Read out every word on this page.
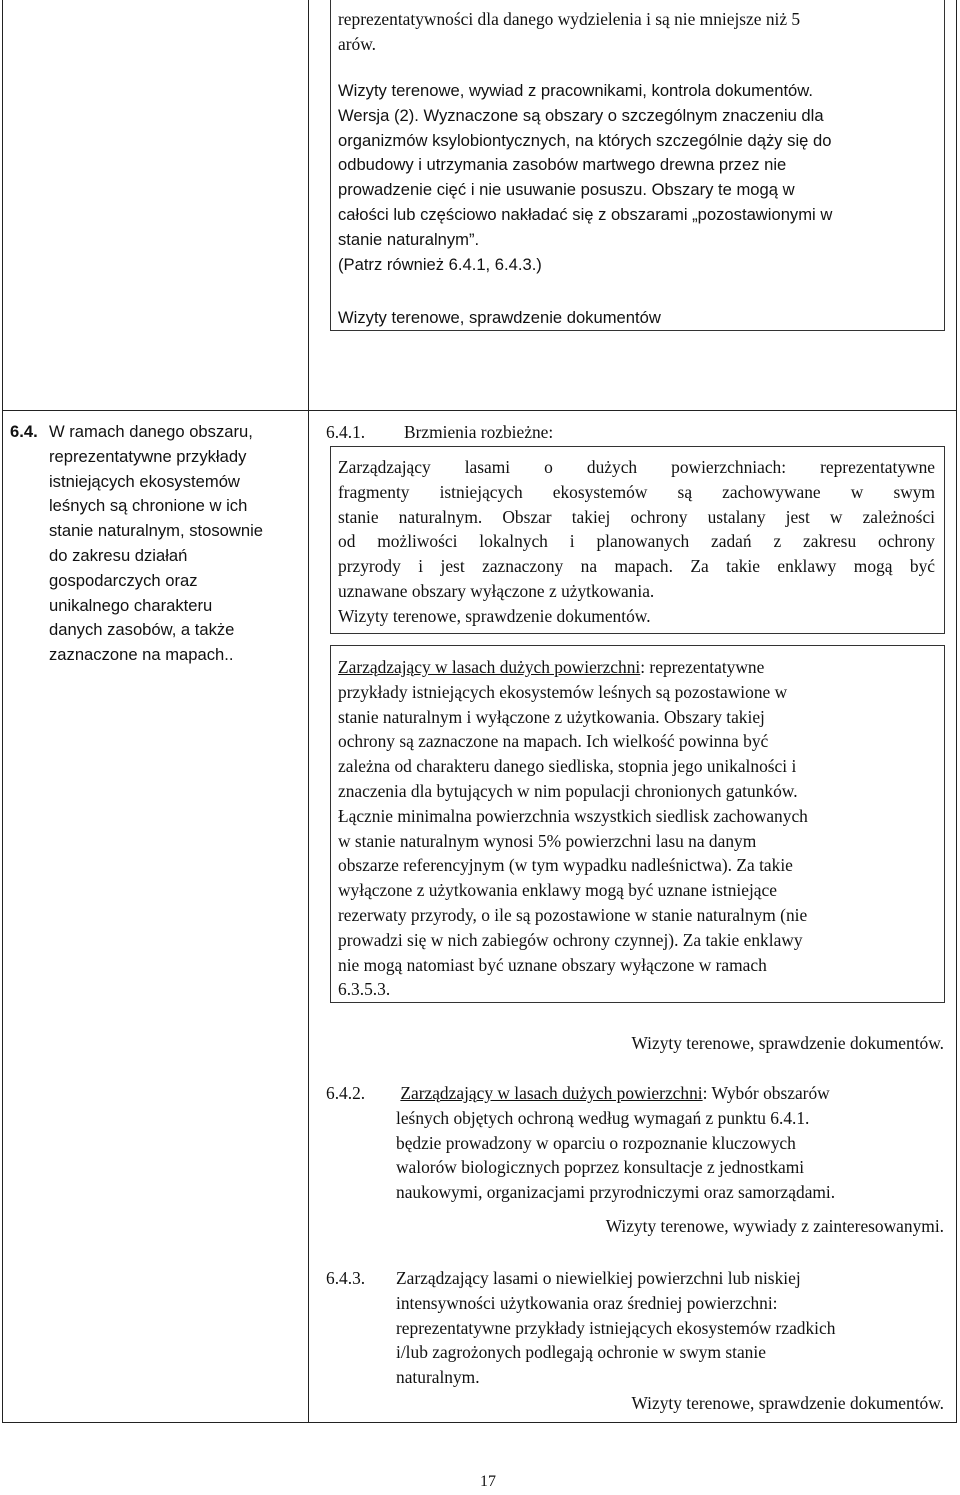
reprezentatywności dla danego wydzielenia i są nie mniejsze niż 5
arów.
Wizyty terenowe, wywiad z pracownikami, kontrola dokumentów.
Wersja (2). Wyznaczone są obszary o szczególnym znaczeniu dla
organizmów ksylobiontycznych, na których szczególnie dąży się do
odbudowy i utrzymania zasobów martwego drewna przez nie
prowadzenie cięć i nie usuwanie posuszu. Obszary te mogą w
całości lub częściowo nakładać się z obszarami „pozostawionymi w
stanie naturalnym”.
(Patrz również 6.4.1, 6.4.3.)
Wizyty terenowe, sprawdzenie dokumentów
6.4. W ramach danego obszaru,
reprezentatywne przykłady
istniejących ekosystemów
leśnych są chronione w ich
stanie naturalnym, stosownie
do zakresu działań
gospodarczych oraz
unikalnego charakteru
danych zasobów, a także
zaznaczone na mapach..
6.4.1. Brzmienia rozbieżne:
Zarządzający lasami o dużych powierzchniach: reprezentatywne
fragmenty istniejących ekosystemów są zachowywane w swym
stanie naturalnym. Obszar takiej ochrony ustalany jest w zależności
od możliwości lokalnych i planowanych zadań z zakresu ochrony
przyrody i jest zaznaczony na mapach. Za takie enklawy mogą być
uznawane obszary wyłączone z użytkowania.
Wizyty terenowe, sprawdzenie dokumentów.
Zarządzający w lasach dużych powierzchni: reprezentatywne
przykłady istniejących ekosystemów leśnych są pozostawione w
stanie naturalnym i wyłączone z użytkowania. Obszary takiej
ochrony są zaznaczone na mapach. Ich wielkość powinna być
zależna od charakteru danego siedliska, stopnia jego unikalności i
znaczenia dla bytujących w nim populacji chronionych gatunków.
Łącznie minimalna powierzchnia wszystkich siedlisk zachowanych
w stanie naturalnym wynosi 5% powierzchni lasu na danym
obszarze referencyjnym (w tym wypadku nadleśnictwa). Za takie
wyłączone z użytkowania enklawy mogą być uznane istniejące
rezerwaty przyrody, o ile są pozostawione w stanie naturalnym (nie
prowadzi się w nich zabiegów ochrony czynnej). Za takie enklawy
nie mogą natomiast być uznane obszary wyłączone w ramach
6.3.5.3.
Wizyty terenowe, sprawdzenie dokumentów.
6.4.2. Zarządzający w lasach dużych powierzchni: Wybór obszarów
leśnych objętych ochroną według wymagań z punktu 6.4.1.
będzie prowadzony w oparciu o rozpoznanie kluczowych
walorów biologicznych poprzez konsultacje z jednostkami
naukowymi, organizacjami przyrodniczymi oraz samorządami.
Wizyty terenowe, wywiady z zainteresowanymi.
6.4.3. Zarządzający lasami o niewielkiej powierzchni lub niskiej
intensywności użytkowania oraz średniej powierzchni:
reprezentatywne przykłady istniejących ekosystemów rzadkich
i/lub zagrożonych podlegają ochronie w swym stanie
naturalnym.
Wizyty terenowe, sprawdzenie dokumentów.
17
